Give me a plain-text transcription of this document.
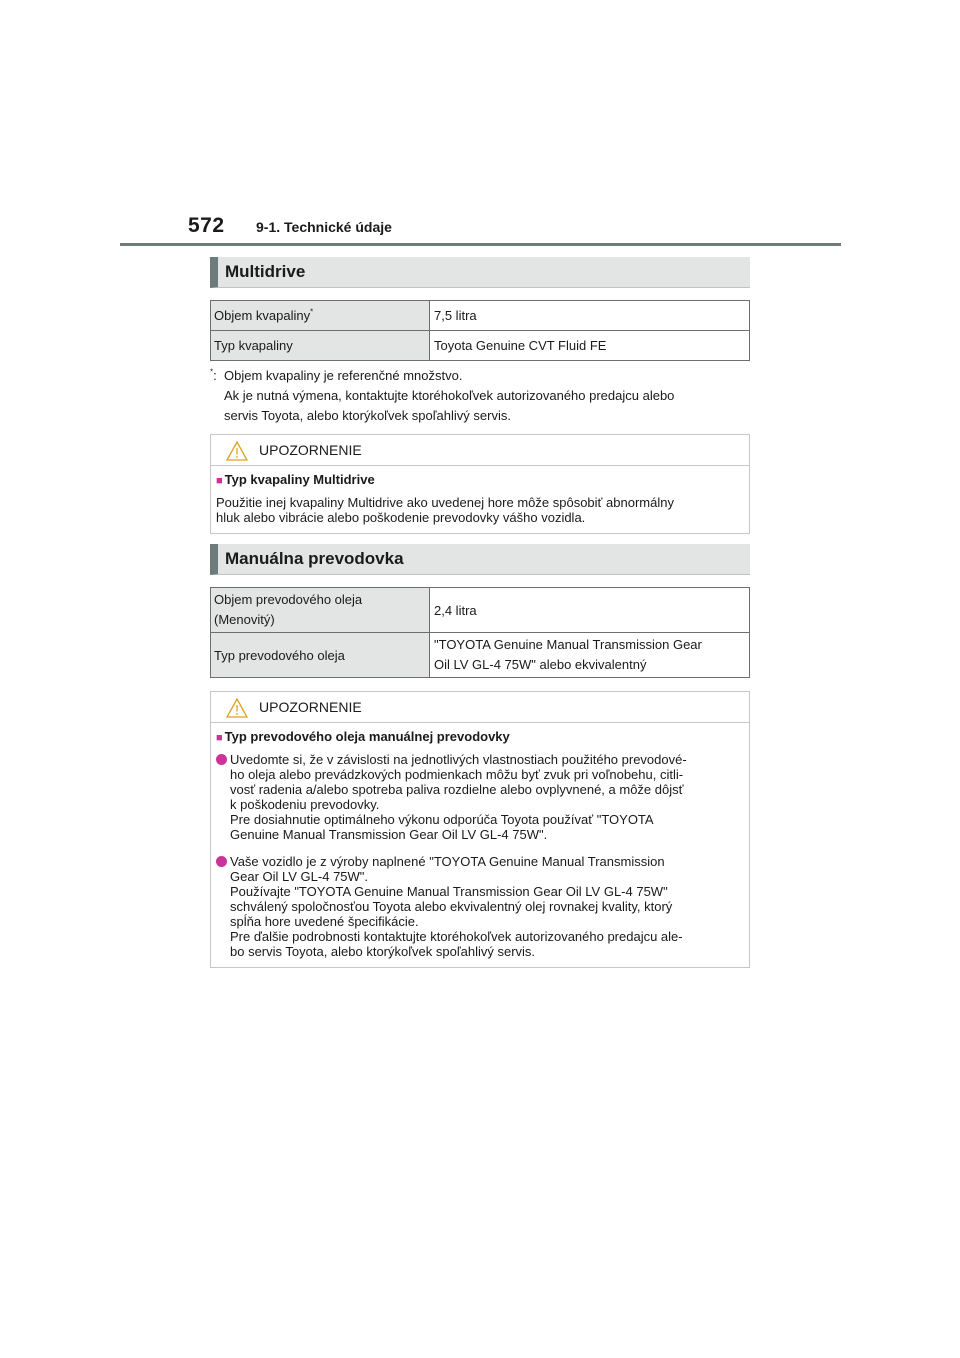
572 9-1. Technické údaje
Multidrive
Objem kvapaliny*	7,5 litra
Typ kvapaliny	Toyota Genuine CVT Fluid FE
*: Objem kvapaliny je referenčné množstvo.
Ak je nutná výmena, kontaktujte ktoréhokoľvek autorizovaného predajcu alebo
servis Toyota, alebo ktorýkoľvek spoľahlivý servis.
UPOZORNENIE
■ Typ kvapaliny Multidrive
Použitie inej kvapaliny Multidrive ako uvedenej hore môže spôsobiť abnormálny
hluk alebo vibrácie alebo poškodenie prevodovky vášho vozidla.
Manuálna prevodovka
Objem prevodového oleja
(Menovitý)	2,4 litra
Typ prevodového oleja	"TOYOTA Genuine Manual Transmission Gear
Oil LV GL-4 75W" alebo ekvivalentný
UPOZORNENIE
■ Typ prevodového oleja manuálnej prevodovky
Uvedomte si, že v závislosti na jednotlivých vlastnostiach použitého prevodové-
ho oleja alebo prevádzkových podmienkach môžu byť zvuk pri voľnobehu, citli-
vosť radenia a/alebo spotreba paliva rozdielne alebo ovplyvnené, a môže dôjsť
k poškodeniu prevodovky.
Pre dosiahnutie optimálneho výkonu odporúča Toyota používať "TOYOTA
Genuine Manual Transmission Gear Oil LV GL-4 75W".
Vaše vozidlo je z výroby naplnené "TOYOTA Genuine Manual Transmission
Gear Oil LV GL-4 75W".
Používajte "TOYOTA Genuine Manual Transmission Gear Oil LV GL-4 75W"
schválený spoločnosťou Toyota alebo ekvivalentný olej rovnakej kvality, ktorý
spĺňa hore uvedené špecifikácie.
Pre ďalšie podrobnosti kontaktujte ktoréhokoľvek autorizovaného predajcu ale-
bo servis Toyota, alebo ktorýkoľvek spoľahlivý servis.
